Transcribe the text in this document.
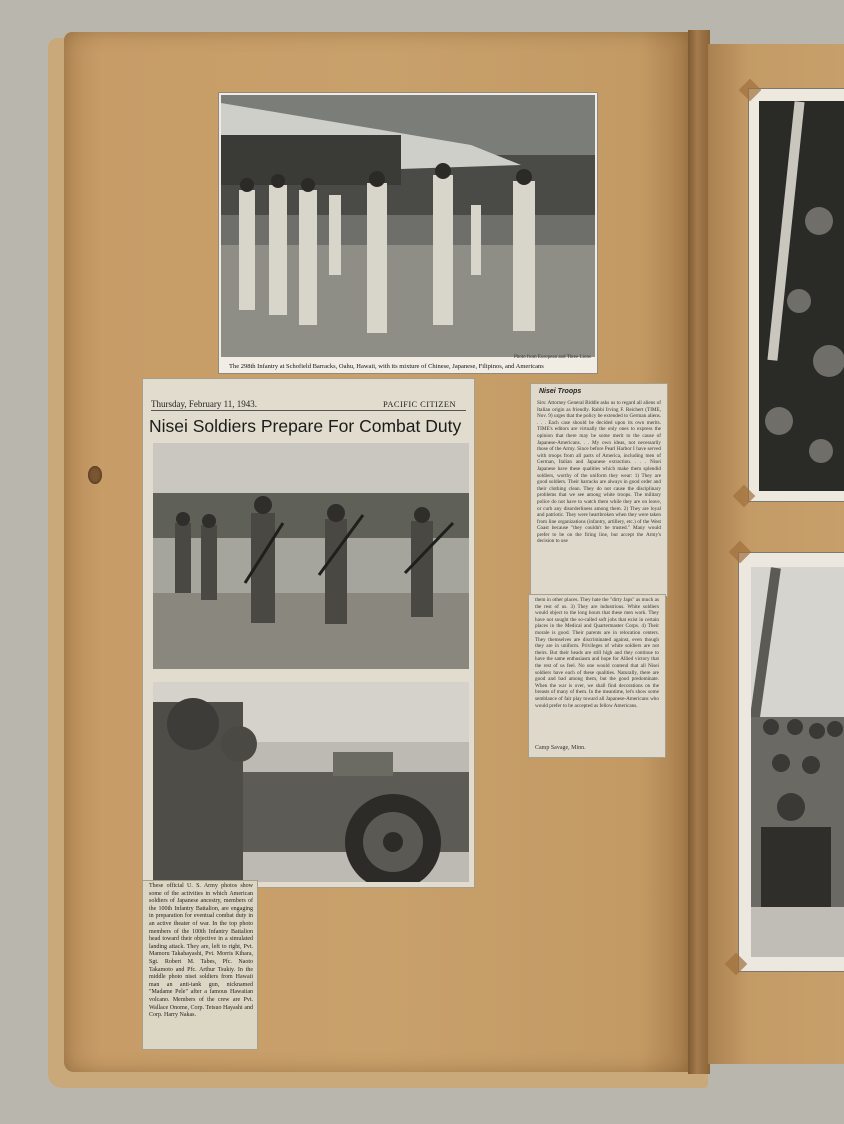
Photo from European and Three Lions
The 298th Infantry at Schofield Barracks, Oahu, Hawaii, with its mixture of Chinese, Japanese, Filipinos, and Americans
Thursday, February 11, 1943.	PACIFIC CITIZEN
Nisei Soldiers Prepare For Combat Duty

These official U. S. Army photos show some of the activities in which American soldiers of Japanese ancestry, members of the 100th Infantry Battalion, are engaging in preparation for eventual combat duty in an active theater of war. In the top photo members of the 100th Infantry Battalion head toward their objective in a simulated landing attack. They are, left to right, Pvt. Mamoru Takahayashi, Pvt. Morris Kihara, Sgt. Robert M. Tabes, Pfc. Naoto Takamoto and Pfc. Arthur Tsukiy. In the middle photo nisei soldiers from Hawaii man an anti-tank gun, nicknamed "Madame Pele" after a famous Hawaiian volcano. Members of the crew are Pvt. Wallace Onome, Corp. Tetsuo Hayashi and Corp. Harry Nakas.

Nisei Troops

Sirs: Attorney General Biddle asks us to regard all aliens of Italian origin as friendly. Rabbi Irving F. Reichert (TIME, Nov. 9) urges that the policy be extended to German aliens. . . . Each case should be decided upon its own merits. TIME's editors are virtually the only ones to express the opinion that there may be some merit to the cause of Japanese-Americans. . . My own ideas, not necessarily those of the Army. Since before Pearl Harbor I have served with troops from all parts of America, including men of German, Italian and Japanese extraction. . . . Nisei Japanese have these qualities which make them splendid soldiers, worthy of the uniform they wear: 1) They are good soldiers. Their barracks are always in good order and their clothing clean. They do not cause the disciplinary problems that we see among white troops. The military police do not have to watch them while they are on leave, or curb any disorderliness among them. 2) They are loyal and patriotic. They were heartbroken when they were taken from line organizations (infantry, artillery, etc.) of the West Coast because "they couldn't be trusted." Many would prefer to be on the firing line, but accept the Army's decision to use

them in other places. They hate the "dirty Japs" as much as the rest of us. 3) They are industrious. White soldiers would object to the long hours that these men work. They have not sought the so-called soft jobs that exist in certain places in the Medical and Quartermaster Corps. 4) Their morale is good. Their parents are in relocation centers. They themselves are discriminated against, even though they are in uniform. Privileges of white soldiers are not theirs. But their heads are still high and they continue to have the same enthusiasm and hope for Allied victory that the rest of us feel. No one would contend that all Nisei soldiers have each of these qualities. Naturally, there are good and bad among them, but the good predominate. When the war is over, we shall find decorations on the breasts of many of them. In the meantime, let's show some semblance of fair play toward all Japanese-Americans who would prefer to be accepted as fellow Americans.

Camp Savage, Minn.
